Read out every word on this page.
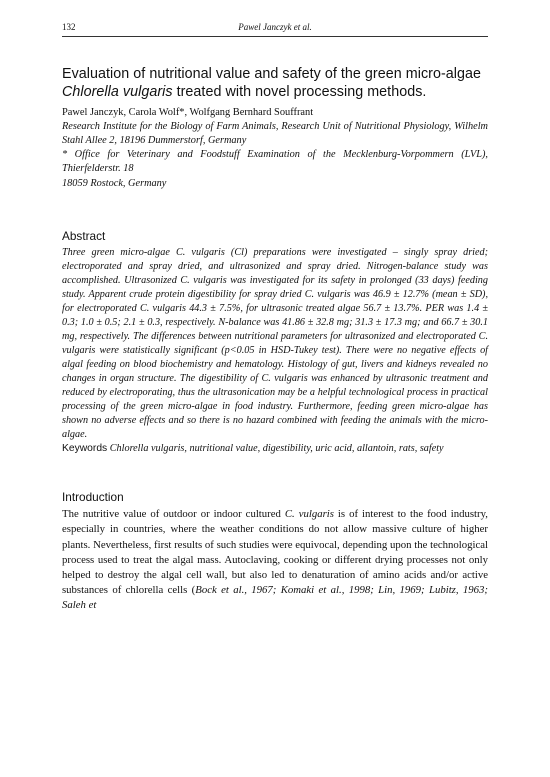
132	Pawel Janczyk et al.
Evaluation of nutritional value and safety of the green micro-algae Chlorella vulgaris treated with novel processing methods.
Pawel Janczyk, Carola Wolf*, Wolfgang Bernhard Souffrant
Research Institute for the Biology of Farm Animals, Research Unit of Nutritional Physiology, Wilhelm Stahl Allee 2, 18196 Dummerstorf, Germany
* Office for Veterinary and Foodstuff Examination of the Mecklenburg-Vorpommern (LVL), Thierfelderstr. 18
18059 Rostock, Germany
Abstract
Three green micro-algae C. vulgaris (Cl) preparations were investigated – singly spray dried; electroporated and spray dried, and ultrasonized and spray dried. Nitrogen-balance study was accomplished. Ultrasonized C. vulgaris was investigated for its safety in prolonged (33 days) feeding study. Apparent crude protein digestibility for spray dried C. vulgaris was 46.9 ± 12.7% (mean ± SD), for electroporated C. vulgaris 44.3 ± 7.5%, for ultrasonic treated algae 56.7 ± 13.7%. PER was 1.4 ± 0.3; 1.0 ± 0.5; 2.1 ± 0.3, respectively. N-balance was 41.86 ± 32.8 mg; 31.3 ± 17.3 mg; and 66.7 ± 30.1 mg, respectively. The differences between nutritional parameters for ultrasonized and electroporated C. vulgaris were statistically significant (p<0.05 in HSD-Tukey test). There were no negative effects of algal feeding on blood biochemistry and hematology. Histology of gut, livers and kidneys revealed no changes in organ structure. The digestibility of C. vulgaris was enhanced by ultrasonic treatment and reduced by electroporating, thus the ultrasonication may be a helpful technological process in practical processing of the green micro-algae in food industry. Furthermore, feeding green micro-algae has shown no adverse effects and so there is no hazard combined with feeding the animals with the micro-algae.
Keywords Chlorella vulgaris, nutritional value, digestibility, uric acid, allantoin, rats, safety
Introduction
The nutritive value of outdoor or indoor cultured C. vulgaris is of interest to the food industry, especially in countries, where the weather conditions do not allow massive culture of higher plants. Nevertheless, first results of such studies were equivocal, depending upon the technological process used to treat the algal mass. Autoclaving, cooking or different drying processes not only helped to destroy the algal cell wall, but also led to denaturation of amino acids and/or active substances of chlorella cells (Bock et al., 1967; Komaki et al., 1998; Lin, 1969; Lubitz, 1963; Saleh et
